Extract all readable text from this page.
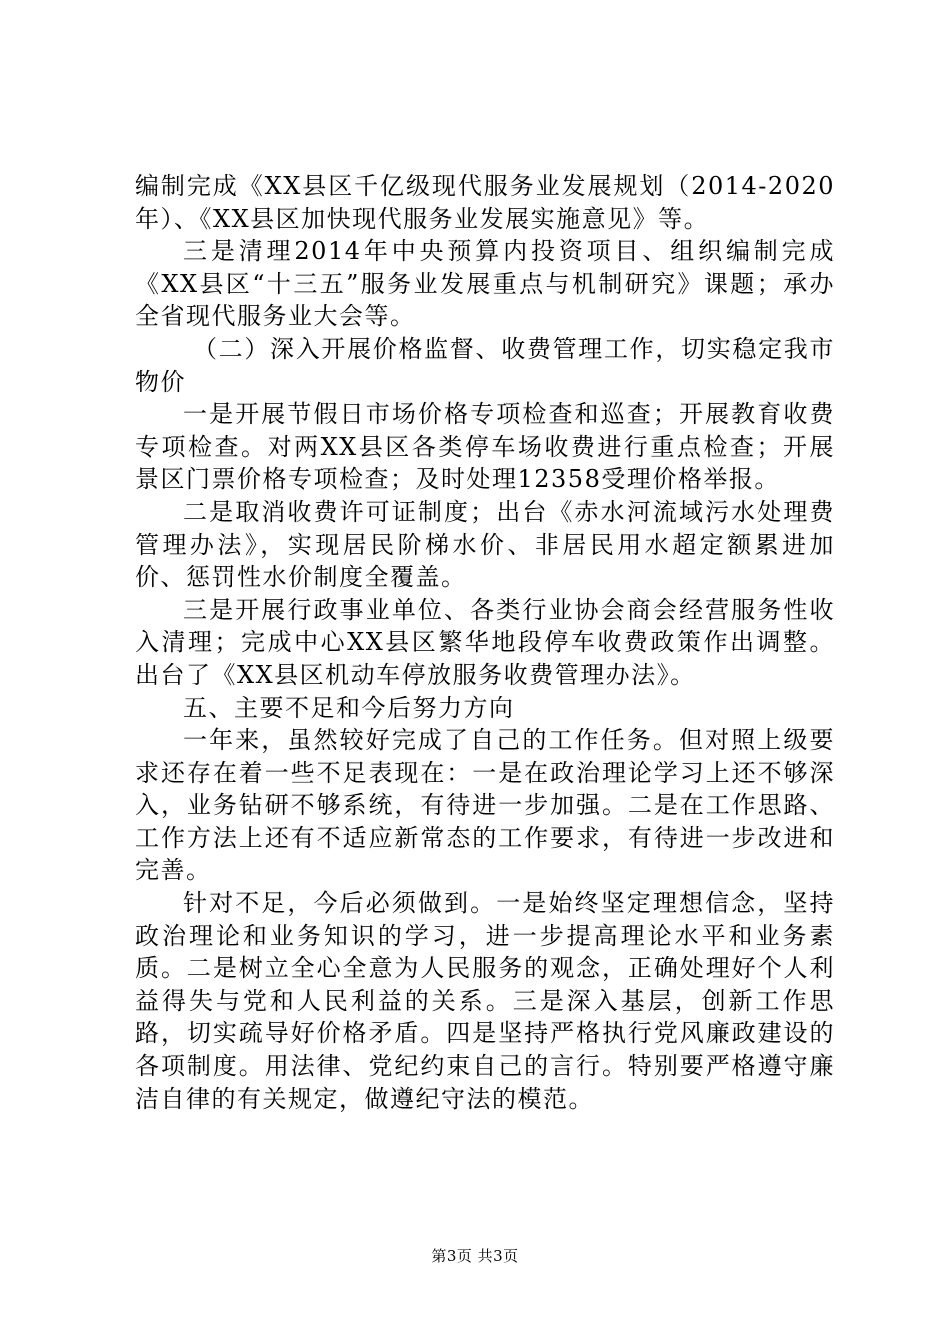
编制完成《XX县区千亿级现代服务业发展规划（2014-2020年）、《XX县区加快现代服务业发展实施意见》等。

三是清理2014年中央预算内投资项目、组织编制完成《XX县区“十三五”服务业发展重点与机制研究》课题；承办全省现代服务业大会等。

（二）深入开展价格监督、收费管理工作，切实稳定我市物价

一是开展节假日市场价格专项检查和巡查；开展教育收费专项检查。对两XX县区各类停车场收费进行重点检查；开展景区门票价格专项检查；及时处理12358受理价格举报。

二是取消收费许可证制度；出台《赤水河流域污水处理费管理办法》，实现居民阶梯水价、非居民用水超定额累进加价、惩罚性水价制度全覆盖。

三是开展行政事业单位、各类行业协会商会经营服务性收入清理；完成中心XX县区繁华地段停车收费政策作出调整。出台了《XX县区机动车停放服务收费管理办法》。

五、主要不足和今后努力方向

一年来，虽然较好完成了自己的工作任务。但对照上级要求还存在着一些不足表现在：一是在政治理论学习上还不够深入，业务钻研不够系统，有待进一步加强。二是在工作思路、工作方法上还有不适应新常态的工作要求，有待进一步改进和完善。

针对不足，今后必须做到。一是始终坚定理想信念，坚持政治理论和业务知识的学习，进一步提高理论水平和业务素质。二是树立全心全意为人民服务的观念，正确处理好个人利益得失与党和人民利益的关系。三是深入基层，创新工作思路，切实疏导好价格矛盾。四是坚持严格执行党风廉政建设的各项制度。用法律、党纪约束自己的言行。特别要严格遵守廉洁自律的有关规定，做遵纪守法的模范。

第3页 共3页
